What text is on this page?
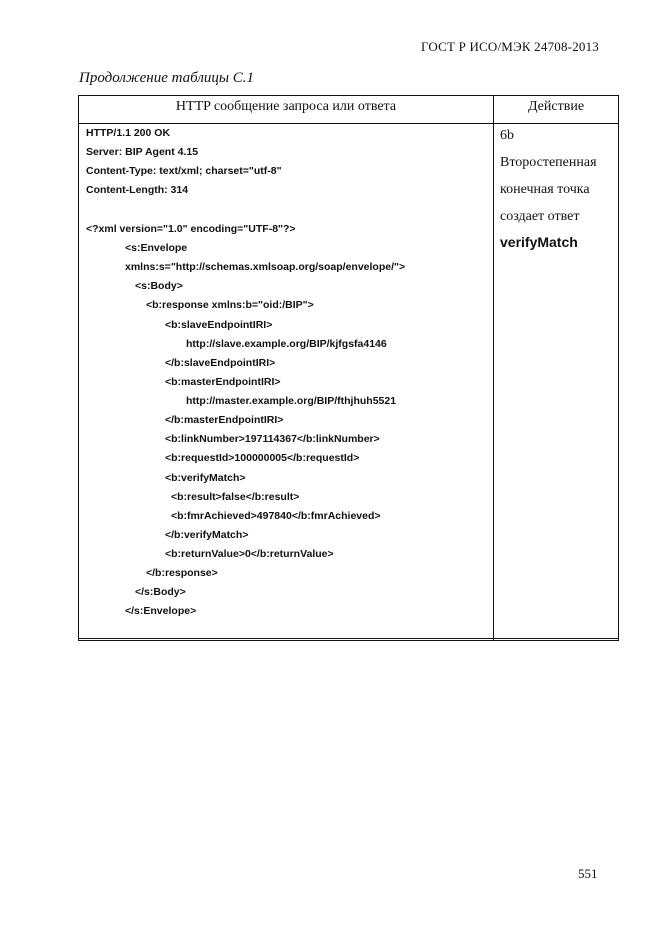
ГОСТ Р ИСО/МЭК 24708-2013
Продолжение таблицы С.1
HTTP сообщение запроса или ответа	Действие
HTTP/1.1 200 OK
Server: BIP Agent 4.15
Content-Type: text/xml; charset="utf-8"
Content-Length: 314
<?xml version="1.0" encoding="UTF-8"?>
<s:Envelope
xmlns:s="http://schemas.xmlsoap.org/soap/envelope/">
<s:Body>
<b:response xmlns:b="oid:/BIP">
<b:slaveEndpointIRI>
http://slave.example.org/BIP/kjfgsfa4146
</b:slaveEndpointIRI>
<b:masterEndpointIRI>
http://master.example.org/BIP/fthjhuh5521
</b:masterEndpointIRI>
<b:linkNumber>197114367</b:linkNumber>
<b:requestId>100000005</b:requestId>
<b:verifyMatch>
<b:result>false</b:result>
<b:fmrAchieved>497840</b:fmrAchieved>
</b:verifyMatch>
<b:returnValue>0</b:returnValue>
</b:response>
</s:Body>
</s:Envelope>
6b
Второстепенная
конечная точка
создает ответ
verifyMatch
551
